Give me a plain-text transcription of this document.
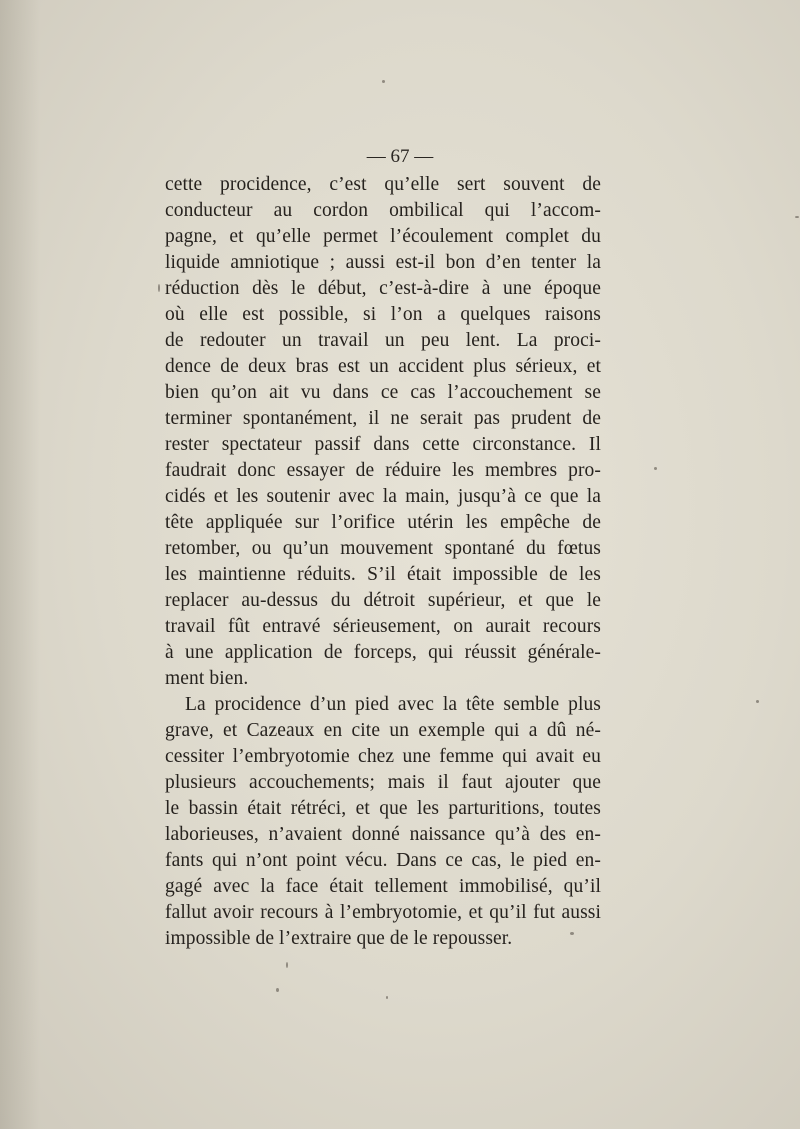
— 67 —

cette procidence, c’est qu’elle sert souvent de
conducteur au cordon ombilical qui l’accom-
pagne, et qu’elle permet l’écoulement complet du
liquide amniotique ; aussi est-il bon d’en tenter la
réduction dès le début, c’est-à-dire à une époque
où elle est possible, si l’on a quelques raisons
de redouter un travail un peu lent. La proci-
dence de deux bras est un accident plus sérieux, et
bien qu’on ait vu dans ce cas l’accouchement se
terminer spontanément, il ne serait pas prudent de
rester spectateur passif dans cette circonstance. Il
faudrait donc essayer de réduire les membres pro-
cidés et les soutenir avec la main, jusqu’à ce que la
tête appliquée sur l’orifice utérin les empêche de
retomber, ou qu’un mouvement spontané du fœtus
les maintienne réduits. S’il était impossible de les
replacer au-dessus du détroit supérieur, et que le
travail fût entravé sérieusement, on aurait recours
à une application de forceps, qui réussit générale-
ment bien.

La procidence d’un pied avec la tête semble plus
grave, et Cazeaux en cite un exemple qui a dû né-
cessiter l’embryotomie chez une femme qui avait eu
plusieurs accouchements; mais il faut ajouter que
le bassin était rétréci, et que les parturitions, toutes
laborieuses, n’avaient donné naissance qu’à des en-
fants qui n’ont point vécu. Dans ce cas, le pied en-
gagé avec la face était tellement immobilisé, qu’il
fallut avoir recours à l’embryotomie, et qu’il fut aussi
impossible de l’extraire que de le repousser.
